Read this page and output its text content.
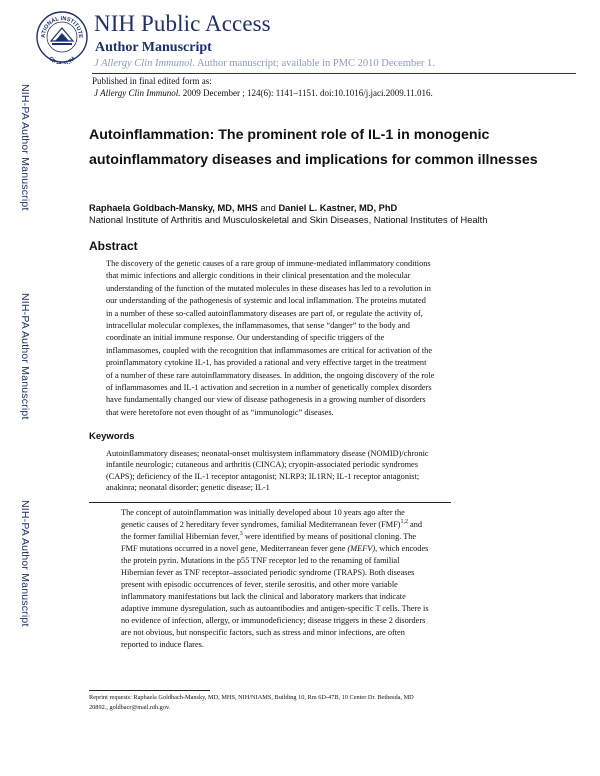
ATIONAL INSTITUTE
OF LTH
NIH Public Access
Author Manuscript
J Allergy Clin Immunol. Author manuscript; available in PMC 2010 December 1.
NIH-PA Author Manuscript
NIH-PA Author Manuscript
NIH-PA Author Manuscript
Published in final edited form as:
J Allergy Clin Immunol. 2009 December ; 124(6): 1141–1151. doi:10.1016/j.jaci.2009.11.016.
Autoinflammation: The prominent role of IL-1 in monogenic autoinflammatory diseases and implications for common illnesses
Raphaela Goldbach-Mansky, MD, MHS and Daniel L. Kastner, MD, PhD
National Institute of Arthritis and Musculoskeletal and Skin Diseases, National Institutes of Health
Abstract
The discovery of the genetic causes of a rare group of immune-mediated inflammatory conditions
that mimic infections and allergic conditions in their clinical presentation and the molecular
understanding of the function of the mutated molecules in these diseases has led to a revolution in
our understanding of the pathogenesis of systemic and local inflammation. The proteins mutated
in a number of these so-called autoinflammatory diseases are part of, or regulate the activity of,
intracellular molecular complexes, the inflammasomes, that sense “danger” to the body and
coordinate an initial immune response. Our understanding of specific triggers of the
inflammasomes, coupled with the recognition that inflammasomes are critical for activation of the
proinflammatory cytokine IL-1, has provided a rational and very effective target in the treatment
of a number of these rare autoinflammatory diseases. In addition, the ongoing discovery of the role
of inflammasomes and IL-1 activation and secretion in a number of genetically complex disorders
have fundamentally changed our view of disease pathogenesis in a growing number of disorders
that were heretofore not even thought of as “immunologic” diseases.
Keywords
Autoinflammatory diseases; neonatal-onset multisystem inflammatory disease (NOMID)/chronic
infantile neurologic; cutaneous and arthritis (CINCA); cryopin-associated periodic syndromes
(CAPS); deficiency of the IL-1 receptor antagonist; NLRP3; IL1RN; IL-1 receptor antagonist;
anakinra; neonatal disorder; genetic disease; IL-1
The concept of autoinflammation was initially developed about 10 years ago after the
genetic causes of 2 hereditary fever syndromes, familial Mediterranean fever (FMF)$^{1,2}$ and
the former familial Hibernian fever,$^3$ were identified by means of positional cloning. The
FMF mutations occurred in a novel gene, Mediterranean fever gene (MEFV), which encodes
the protein pyrin. Mutations in the p55 TNF receptor led to the renaming of familial
Hibernian fever as TNF receptor–associated periodic syndrome (TRAPS). Both diseases
present with episodic occurrences of fever, sterile serositis, and other more variable
inflammatory manifestations but lack the clinical and laboratory markers that indicate
adaptive immune dysregulation, such as autoantibodies and antigen-specific T cells. There is
no evidence of infection, allergy, or immunodeficiency; disease triggers in these 2 disorders
are not obvious, but nonspecific factors, such as stress and minor infections, are often
reported to induce flares.
Reprint requests: Raphaela Goldbach-Mansky, MD, MHS, NIH/NIAMS, Building 10, Rm 6D-47B, 10 Center Dr. Bethesda, MD
20892., goldbacr@mail.nih.gov.
